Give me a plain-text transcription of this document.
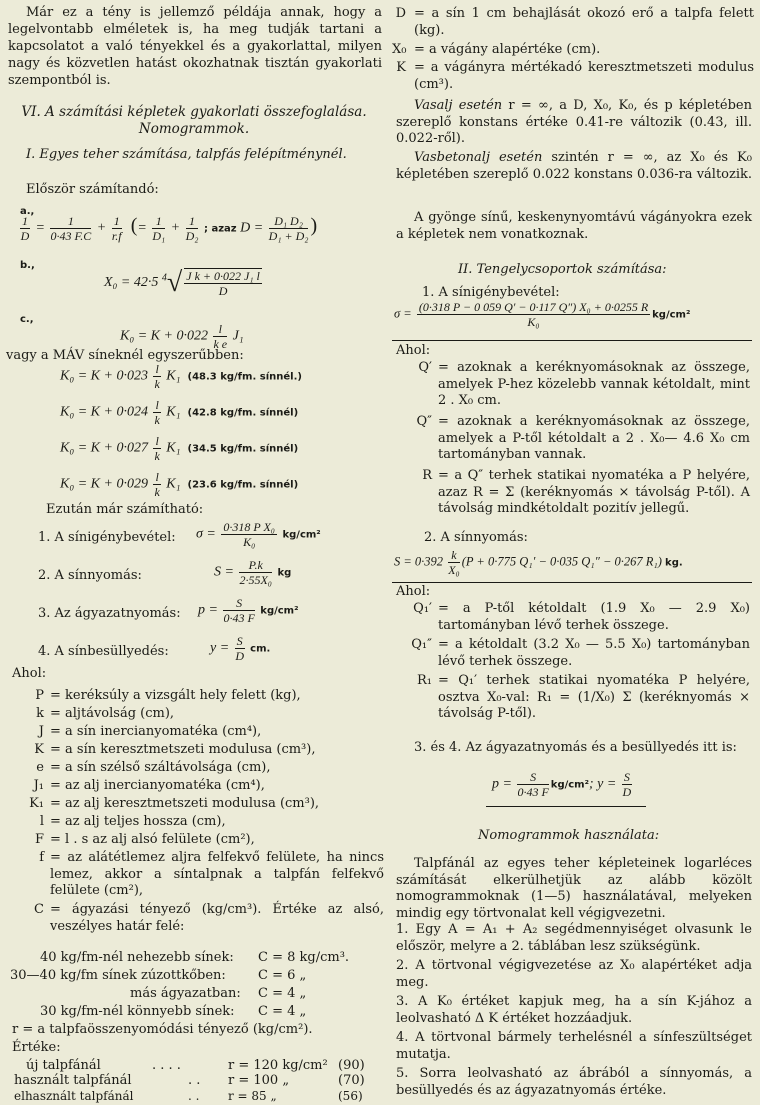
Már ez a tény is jellemző példája annak, hogy a legelvontabb elméletek is, ha meg tudják tartani a kapcsolatot a való tényekkel és a gyakorlattal, milyen nagy és közvetlen hatást okozhatnak tisztán gyakorlati szempontból is.

VI. A számítási képletek gyakorlati összefoglalása. Nomogrammok.

I. Egyes teher számítása, talpfás felépítménynél.

Először számítandó:
a.,
$\frac{1}{D} = \frac{1}{0\cdot 43 F.C} + \frac{1}{r.f}$ (= $\frac{1}{\text{D₁}} + \frac{1}{\text{D₂}}$ ; azaz $D = \frac{\text{D₁ D₂}}{\text{D₁ + D₂}}$ )
b.,
X₀ = 42·5 $^4√ \frac{\text{J k + 0·022 J₁ l}}{D}$
c.,
$K_0 = K + 0\cdot 022 \frac{l}{\text{k e}} J_1$
vagy a MÁV síneknél egyszerűbben:
$K_0 = K + 0\cdot 023 \frac{l}{k} K_1$  (48.3 kg/fm. sínnél.)
$K_0 = K + 0\cdot 024 \frac{l}{k} K_1$  (42.8 kg/fm. sínnél)
$K_0 = K + 0\cdot 027 \frac{l}{k} K_1$  (34.5 kg/fm. sínnél)
$K_0 = K + 0\cdot 029 \frac{l}{k} K_1$  (23.6 kg/fm. sínnél)
Ezután már számítható:
1. A sínigénybevétel: $\sigma = \frac{\text{0·318 P X₀}}{\text{K₀}} kg/cm^2$
2. A sínnyomás:	$S = \frac{P.k}{\text{2·55X₀}}$ kg
3. Az ágyazatnyomás: $p = \frac{S}{0\cdot 43 F} kg/cm^2$
4. A sínbesüllyedés:	$y = \frac{S}{D}$ cm.
Ahol:
P = keréksúly a vizsgált hely felett (kg),
k = aljtávolság (cm),
J = a sín inercianyomatéka (cm⁴),
K = a sín keresztmetszeti modulusa (cm³),
e = a sín szélső száltávolsága (cm),
J₁ = az alj inercianyomatéka (cm⁴),
K₁ = az alj keresztmetszeti modulusa (cm³),
l = az alj teljes hossza (cm),
F = l . s az alj alsó felülete (cm²),
f = az alátétlemez aljra felfekvő felülete, ha nincs lemez, akkor a síntalpnak a talpfán felfekvő felülete (cm²),
C = ágyazási tényező (kg/cm³). Értéke az alsó, veszélyes határ felé:
40 kg/fm-nél nehezebb sínek: C = 8 kg/cm³.
30—40 kg/fm sínek zúzottkőben: C = 6 „
más ágyazatban: C = 4 „
30 kg/fm-nél könnyebb sínek: C = 4 „
r = a talpfaösszenyomódási tényező (kg/cm²).
Értéke:
új talpfánál	. . . .	r = 120 kg/cm² (90)
használt talpfánál	. . r = 100 „	(70)
elhasznált talpfánál	. . r = 85 „	(56)
D = a sín 1 cm behajlását okozó erő a talpfa felett (kg).
X₀ = a vágány alapértéke (cm).
K = a vágányra mértékadó keresztmetszeti modulus (cm³).

Vasalj esetén r = ∞, a D, X₀, K₀, és p képletében szereplő konstans értéke 0.41-re változik (0.43, ill. 0.022-ről).

Vasbetonalj esetén szintén r = ∞, az X₀ és K₀ képletében szereplő 0.022 konstans 0.036-ra változik.

A gyönge sínű, keskenynyomtávú vágányokra ezek a képletek nem vonatkoznak.

II. Tengelycsoportok számítása:
1. A sínigénybevétel:
$\sigma = \frac{\text{(0·318 P − 0 059 Q′ − 0·117 Q″) X₀ + 0·0255 R}}{\text{K₀}} kg/cm^2$
Ahol:
Q′ = azoknak a keréknyomásoknak az összege, amelyek P-hez közelebb vannak kétoldalt, mint 2 . X₀ cm.
Q″ = azoknak a keréknyomásoknak az összege, amelyek a P-től kétoldalt a 2 . X₀— 4.6 X₀ cm tartományban vannak.
R = a Q″ terhek statikai nyomatéka a P helyére, azaz R = Σ (keréknyomás × távolság P-től). A távolság mindkétoldalt pozitív jellegű.
2. A sínnyomás:
$S = 0\cdot 392 \frac{k}{\text{X₀}} (P + 0\cdot 775$ Q₁′ − 0·035 Q₁″ − 0·267 R₁) kg.
Ahol:
Q₁′ = a P-től kétoldalt (1.9 X₀ — 2.9 X₀) tartományban lévő terhek összege.
Q₁″ = a kétoldalt (3.2 X₀ — 5.5 X₀) tartományban lévő terhek összege.
R₁ = Q₁′ terhek statikai nyomatéka P helyére, osztva X₀-val: R₁ = (1/X₀) Σ (keréknyomás × távolság P-től).

3. és 4. Az ágyazatnyomás és a besüllyedés itt is:

$p = \frac{S}{0\cdot 43 F} kg/cm^2$; $y = \frac{S}{D}$
Nomogrammok használata:

Talpfánál az egyes teher képleteinek logarléces számítását elkerülhetjük az alább közölt nomogrammoknak (1—5) használatával, melyeken mindig egy törtvonalat kell végigvezetni.

1. Egy A = A₁ + A₂ segédmennyiséget olvasunk le először, melyre a 2. táblában lesz szükségünk.

2. A törtvonal végigvezetése az X₀ alapértéket adja meg.

3. A K₀ értéket kapjuk meg, ha a sín K-jához a leolvasható Δ K értéket hozzáadjuk.

4. A törtvonal bármely terhelésnél a sínfeszültséget mutatja.

5. Sorra leolvasható az ábrából a sínnyomás, a besüllyedés és az ágyazatnyomás értéke.
